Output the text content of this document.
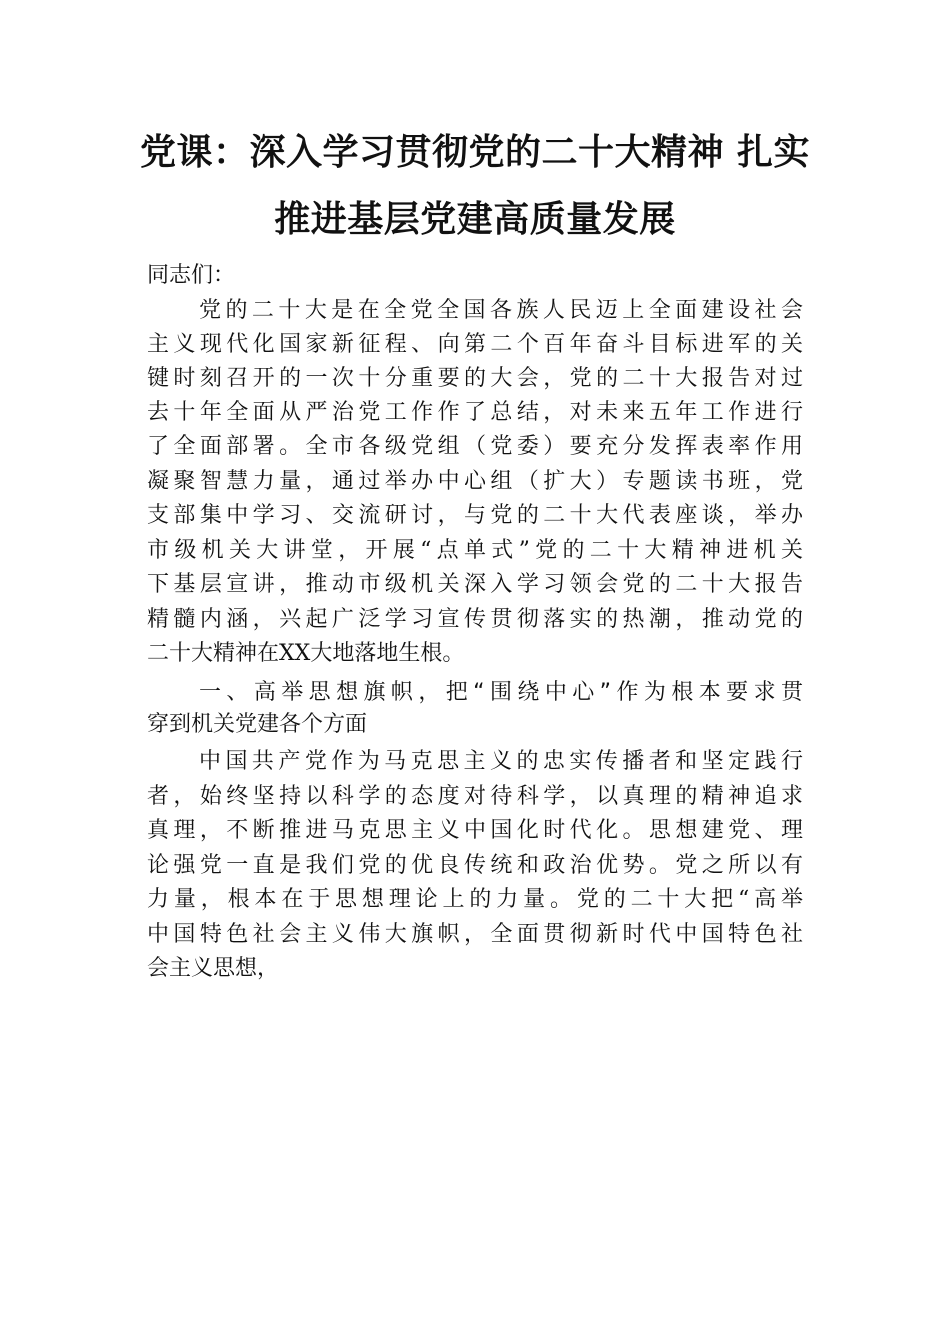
党课：深入学习贯彻党的二十大精神 扎实
推进基层党建高质量发展
同志们：
党的二十大是在全党全国各族人民迈上全面建设社会
主义现代化国家新征程、向第二个百年奋斗目标进军的关
键时刻召开的一次十分重要的大会，党的二十大报告对过
去十年全面从严治党工作作了总结，对未来五年工作进行
了全面部署。全市各级党组（党委）要充分发挥表率作用
凝聚智慧力量，通过举办中心组（扩大）专题读书班，党
支部集中学习、交流研讨，与党的二十大代表座谈，举办
市级机关大讲堂，开展“点单式”党的二十大精神进机关
下基层宣讲，推动市级机关深入学习领会党的二十大报告
精髓内涵，兴起广泛学习宣传贯彻落实的热潮，推动党的
二十大精神在XX大地落地生根。
一、高举思想旗帜，把“围绕中心”作为根本要求贯
穿到机关党建各个方面
中国共产党作为马克思主义的忠实传播者和坚定践行
者，始终坚持以科学的态度对待科学，以真理的精神追求
真理，不断推进马克思主义中国化时代化。思想建党、理
论强党一直是我们党的优良传统和政治优势。党之所以有
力量，根本在于思想理论上的力量。党的二十大把“高举
中国特色社会主义伟大旗帜，全面贯彻新时代中国特色社
会主义思想，
